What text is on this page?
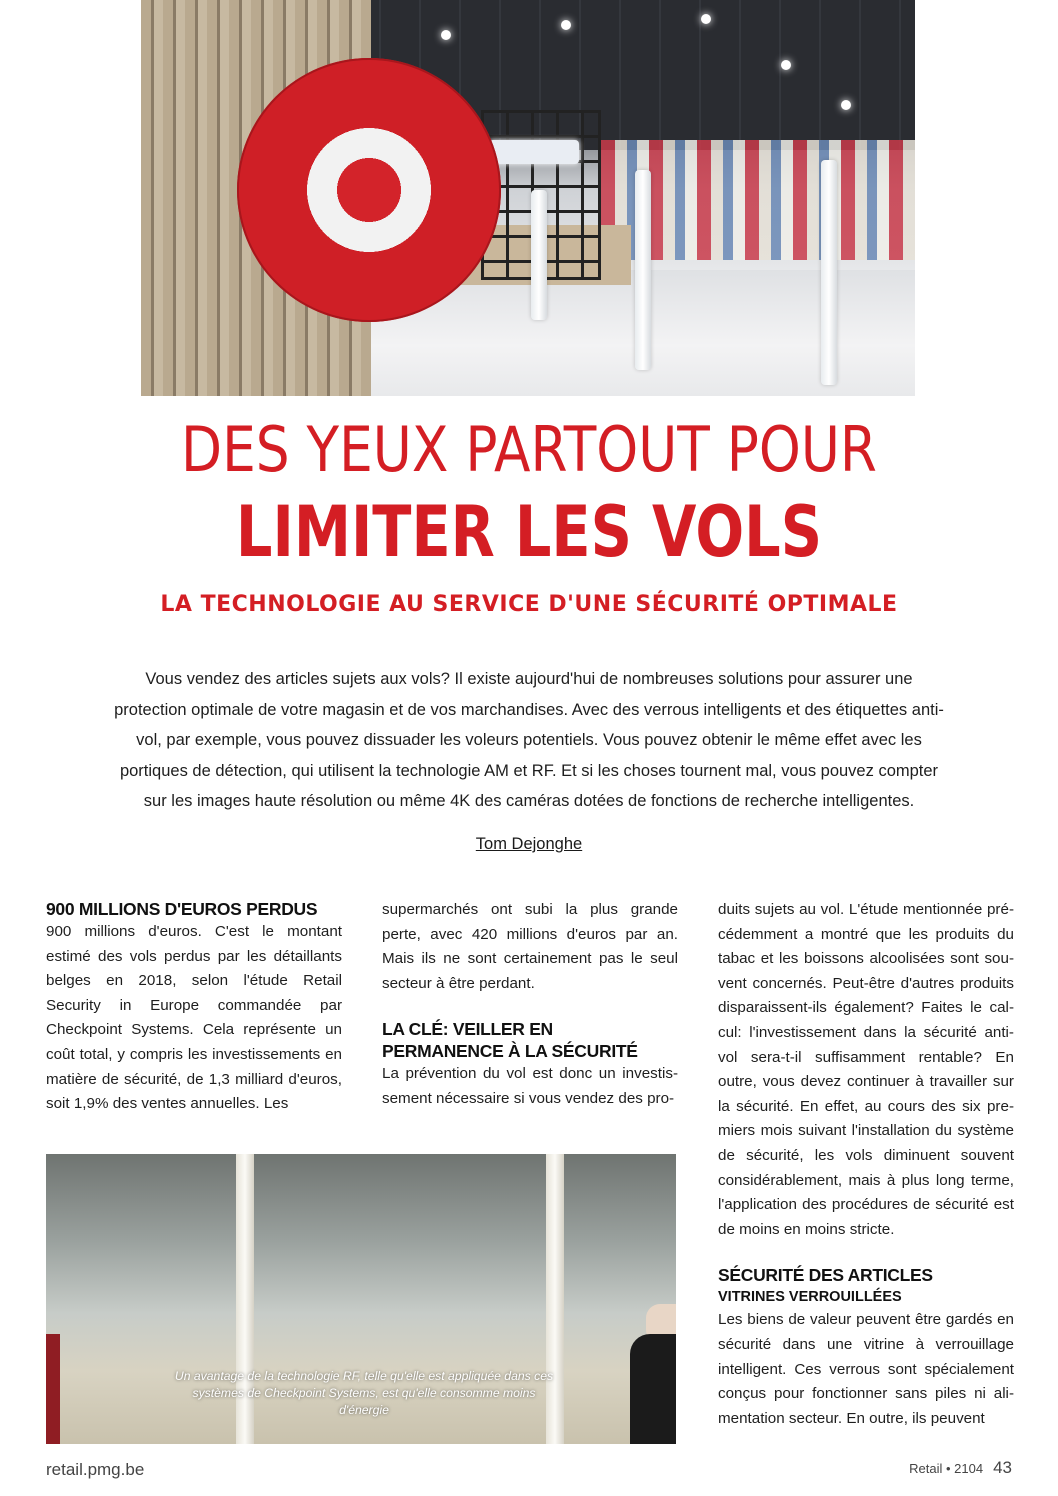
DES YEUX PARTOUT POUR
LIMITER LES VOLS
LA TECHNOLOGIE AU SERVICE D'UNE SÉCURITÉ OPTIMALE

Vous vendez des articles sujets aux vols? Il existe aujourd'hui de nombreuses solutions pour assurer une protection optimale de votre magasin et de vos marchandises. Avec des verrous intelligents et des étiquettes anti-vol, par exemple, vous pouvez dissuader les voleurs potentiels. Vous pouvez obtenir le même effet avec les portiques de détection, qui utilisent la technologie AM et RF. Et si les choses tournent mal, vous pouvez compter sur les images haute résolution ou même 4K des caméras dotées de fonctions de recherche intelligentes.

Tom Dejonghe

900 MILLIONS D'EUROS PERDUS

900 millions d'euros. C'est le montant estimé des vols perdus par les détaillants belges en 2018, selon l'étude Retail Security in Europe commandée par Checkpoint Systems. Cela représente un coût total, y compris les investissements en matière de sécurité, de 1,3 milliard d'euros, soit 1,9% des ventes annuelles. Les

supermarchés ont subi la plus grande perte, avec 420 millions d'euros par an. Mais ils ne sont certainement pas le seul secteur à être perdant.

LA CLÉ: VEILLER EN PERMANENCE À LA SÉCURITÉ

La prévention du vol est donc un investissement nécessaire si vous vendez des pro-

duits sujets au vol. L'étude mentionnée précédemment a montré que les produits du tabac et les boissons alcoolisées sont souvent concernés. Peut-être d'autres produits disparaissent-ils également? Faites le calcul: l'investissement dans la sécurité anti-vol sera-t-il suffisamment rentable? En outre, vous devez continuer à travailler sur la sécurité. En effet, au cours des six premiers mois suivant l'installation du système de sécurité, les vols diminuent souvent considérablement, mais à plus long terme, l'application des procédures de sécurité est de moins en moins stricte.

SÉCURITÉ DES ARTICLES
VITRINES VERROUILLÉES

Les biens de valeur peuvent être gardés en sécurité dans une vitrine à verrouillage intelligent. Ces verrous sont spécialement conçus pour fonctionner sans piles ni alimentation secteur. En outre, ils peuvent

Un avantage de la technologie RF, telle qu'elle est appliquée dans ces systèmes de Checkpoint Systems, est qu'elle consomme moins d'énergie

retail.pmg.be	Retail • 2104 43
